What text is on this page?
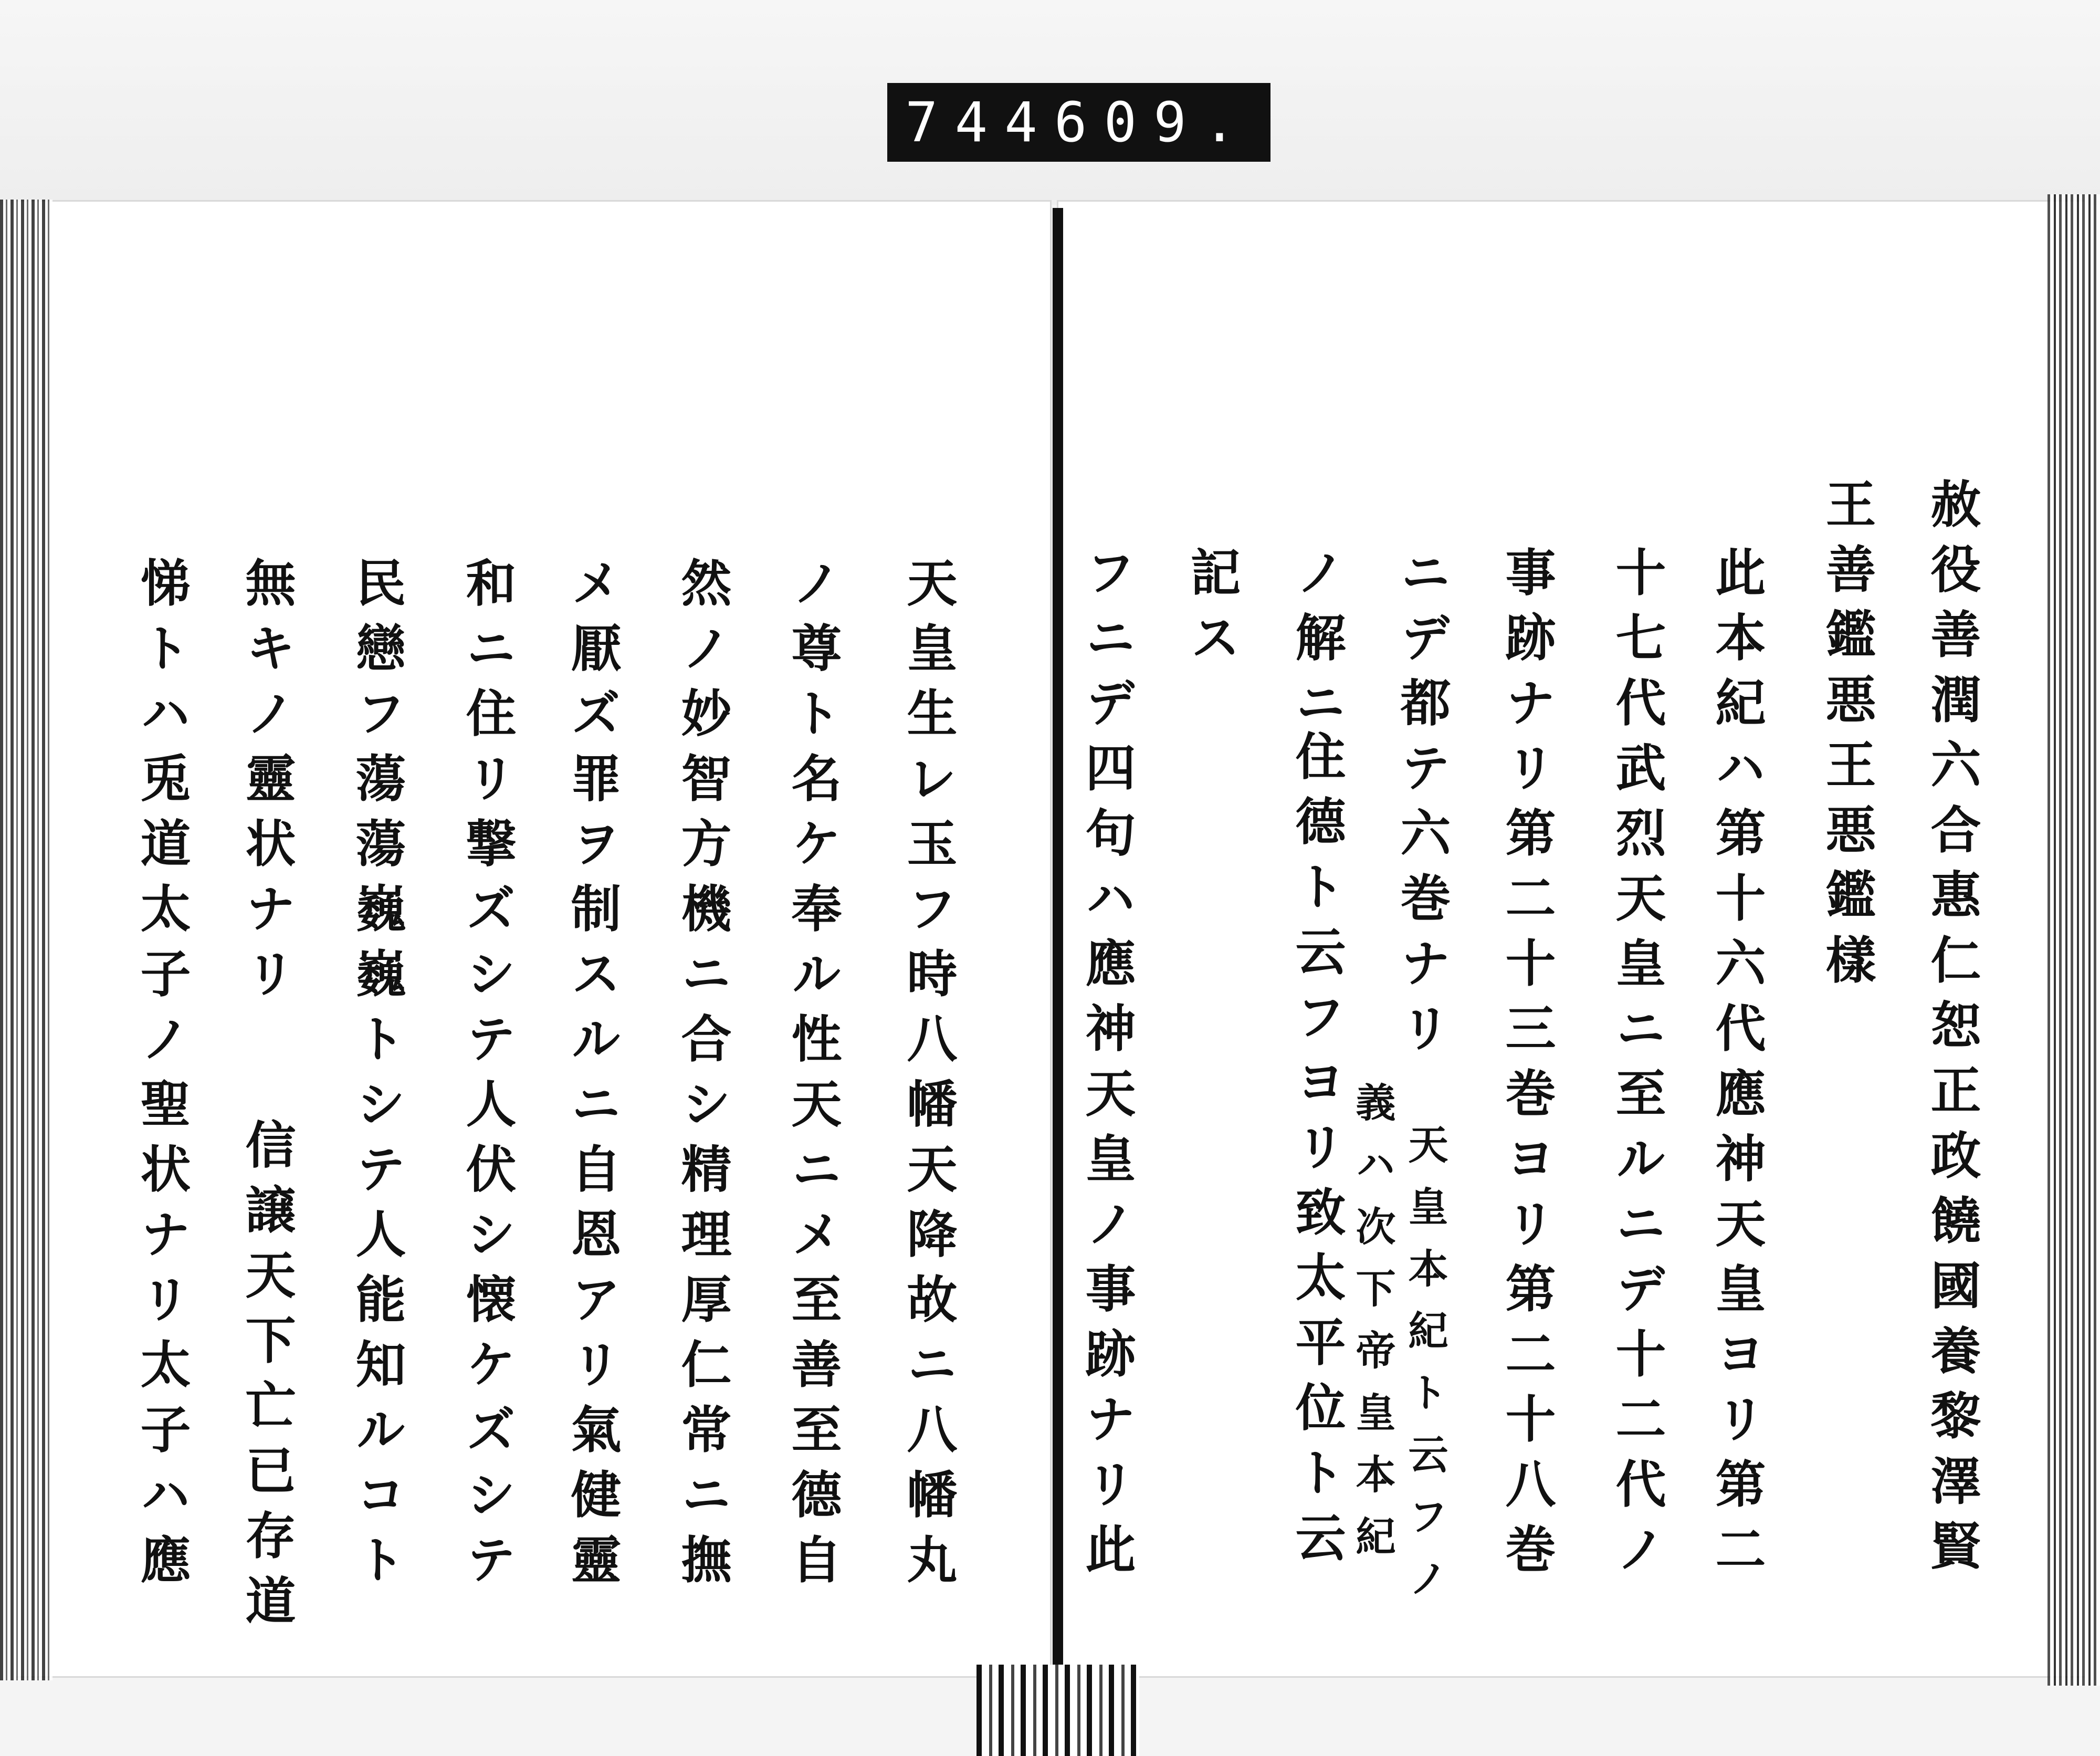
744 609.
赦役善潤六合惠仁恕正政饒國養黎澤賢
王善鑑悪王悪鑑樣
此本紀ハ第十六代應神天皇ヨリ第二
十七代武烈天皇ニ至ルニデ十二代ノ
事跡ナリ第二十三巻ヨリ第二十八巻
ニデ都テ六巻ナリ
天皇本紀ト云フノ
義ハ次下帝皇本紀
ノ解ニ
住德ト云フヨリ致太平位ト云
記ス
フニデ四句ハ應神天皇ノ事跡ナリ此
天皇生レ玉フ時八幡天降故ニ八幡丸
ノ尊ト名ケ奉ル性天ニメ至善至德自
然ノ妙智方機ニ合シ精理厚仁常ニ撫
メ厭ズ罪ヲ制スルニ自恩アリ氣健靈
和ニ住リ撃ズシテ人伏シ懐ケズシテ
民戀フ蕩蕩巍巍トシテ人能知ルコト
無キノ靈状ナリ
信譲天下亡已存道
悌トハ兎道太子ノ聖状ナリ太子ハ應
